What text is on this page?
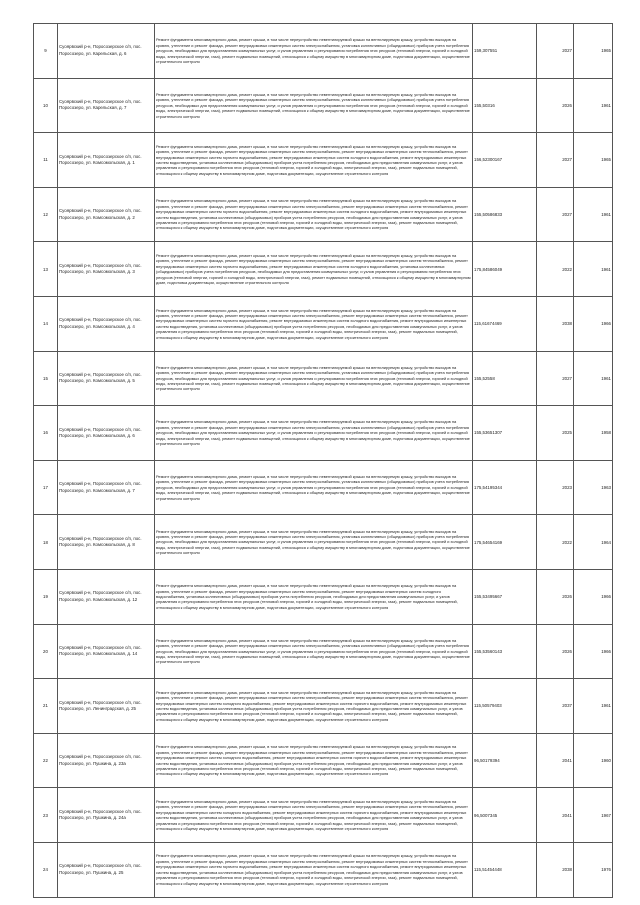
9	Суоярвский р-н, Поросозерское с/п, пос. Поросозеро, ул. Карельская, д. 6	Ремонт фундамента многоквартирного дома, ремонт крыши, в том числе переустройство невентилируемой крыши на вентилируемую крышу, устройство выходов на кровлю, утепление и ремонт фасада, ремонт внутридомовых инженерных систем электроснабжения, установка коллективных (общедомовых) приборов учета потребления ресурсов, необходимых для предоставления коммунальных услуг, и узлов управления и регулирования потребления этих ресурсов (тепловой энергии, горячей и холодной воды, электрической энергии, газа), ремонт подвальных помещений, относящихся к общему имуществу в многоквартирном доме, подготовка документации, осуществление строительного контроля	159,307551	2027	1965
10	Суоярвский р-н, Поросозерское с/п, пос. Поросозеро, ул. Карельская, д. 7	Ремонт фундамента многоквартирного дома, ремонт крыши, в том числе переустройство невентилируемой крыши на вентилируемую крышу, устройство выходов на кровлю, утепление и ремонт фасада, ремонт внутридомовых инженерных систем электроснабжения, установка коллективных (общедомовых) приборов учета потребления ресурсов, необходимых для предоставления коммунальных услуг, и узлов управления и регулирования потребления этих ресурсов (тепловой энергии, горячей и холодной воды, электрической энергии, газа), ремонт подвальных помещений, относящихся к общему имуществу в многоквартирном доме, подготовка документации, осуществление строительного контроля	155,50316	2026	1961
11	Суоярвский р-н, Поросозерское с/п, пос. Поросозеро, ул. Комсомольская, д. 1	Ремонт фундамента многоквартирного дома, ремонт крыши, в том числе переустройство невентилируемой крыши на вентилируемую крышу, устройство выходов на кровлю, утепление и ремонт фасада, ремонт внутридомовых инженерных систем электроснабжения, ремонт внутридомовых инженерных систем теплоснабжения, ремонт внутридомовых инженерных систем горячего водоснабжения, ремонт внутридомовых инженерных систем холодного водоснабжения, ремонт внутридомовых инженерных систем водоотведения, установка коллективных (общедомовых) приборов учета потребления ресурсов, необходимых для предоставления коммунальных услуг, и узлов управления и регулирования потребления этих ресурсов (тепловой энергии, горячей и холодной воды, электрической энергии, газа), ремонт подвальных помещений, относящихся к общему имуществу в многоквартирном доме, подготовка документации, осуществление строительного контроля	156,52300167	2027	1965
12	Суоярвский р-н, Поросозерское с/п, пос. Поросозеро, ул. Комсомольская, д. 2	Ремонт фундамента многоквартирного дома, ремонт крыши, в том числе переустройство невентилируемой крыши на вентилируемую крышу, устройство выходов на кровлю, утепление и ремонт фасада, ремонт внутридомовых инженерных систем электроснабжения, ремонт внутридомовых инженерных систем теплоснабжения, ремонт внутридомовых инженерных систем горячего водоснабжения, ремонт внутридомовых инженерных систем холодного водоснабжения, ремонт внутридомовых инженерных систем водоотведения, установка коллективных (общедомовых) приборов учета потребления ресурсов, необходимых для предоставления коммунальных услуг, и узлов управления и регулирования потребления этих ресурсов (тепловой энергии, горячей и холодной воды, электрической энергии, газа), ремонт подвальных помещений, относящихся к общему имуществу в многоквартирном доме, подготовка документации, осуществление строительного контроля	155,50586833	2027	1961
13	Суоярвский р-н, Поросозерское с/п, пос. Поросозеро, ул. Комсомольская, д. 3	Ремонт фундамента многоквартирного дома, ремонт крыши, в том числе переустройство невентилируемой крыши на вентилируемую крышу, устройство выходов на кровлю, утепление и ремонт фасада, ремонт внутридомовых инженерных систем электроснабжения, ремонт внутридомовых инженерных систем теплоснабжения, ремонт внутридомовых инженерных систем горячего водоснабжения, ремонт внутридомовых инженерных систем холодного водоснабжения, установка коллективных (общедомовых) приборов учета потребления ресурсов, необходимых для предоставления коммунальных услуг, и узлов управления и регулирования потребления этих ресурсов (тепловой энергии, горячей и холодной воды, электрической энергии, газа), ремонт подвальных помещений, относящихся к общему имуществу в многоквартирном доме, подготовка документации, осуществление строительного контроля	175,84586049	2022	1961
14	Суоярвский р-н, Поросозерское с/п, пос. Поросозеро, ул. Комсомольская, д. 4	Ремонт фундамента многоквартирного дома, ремонт крыши, в том числе переустройство невентилируемой крыши на вентилируемую крышу, устройство выходов на кровлю, утепление и ремонт фасада, ремонт внутридомовых инженерных систем электроснабжения, ремонт внутридомовых инженерных систем теплоснабжения, ремонт внутридомовых инженерных систем горячего водоснабжения, ремонт внутридомовых инженерных систем холодного водоснабжения, ремонт внутридомовых инженерных систем водоотведения, установка коллективных (общедомовых) приборов учета потребления ресурсов, необходимых для предоставления коммунальных услуг, и узлов управления и регулирования потребления этих ресурсов (тепловой энергии, горячей и холодной воды, электрической энергии, газа), ремонт подвальных помещений, относящихся к общему имуществу в многоквартирном доме, подготовка документации, осуществление строительного контроля	115,61674469	2038	1966
15	Суоярвский р-н, Поросозерское с/п, пос. Поросозеро, ул. Комсомольская, д. 5	Ремонт фундамента многоквартирного дома, ремонт крыши, в том числе переустройство невентилируемой крыши на вентилируемую крышу, устройство выходов на кровлю, утепление и ремонт фасада, ремонт внутридомовых инженерных систем электроснабжения, установка коллективных (общедомовых) приборов учета потребления ресурсов, необходимых для предоставления коммунальных услуг, и узлов управления и регулирования потребления этих ресурсов (тепловой энергии, горячей и холодной воды, электрической энергии, газа), ремонт подвальных помещений, относящихся к общему имуществу в многоквартирном доме, подготовка документации, осуществление строительного контроля	155,52558	2027	1961
16	Суоярвский р-н, Поросозерское с/п, пос. Поросозеро, ул. Комсомольская, д. 6	Ремонт фундамента многоквартирного дома, ремонт крыши, в том числе переустройство невентилируемой крыши на вентилируемую крышу, устройство выходов на кровлю, утепление и ремонт фасада, ремонт внутридомовых инженерных систем электроснабжения, установка коллективных (общедомовых) приборов учета потребления ресурсов, необходимых для предоставления коммунальных услуг, и узлов управления и регулирования потребления этих ресурсов (тепловой энергии, горячей и холодной воды, электрической энергии, газа), ремонт подвальных помещений, относящихся к общему имуществу в многоквартирном доме, подготовка документации, осуществление строительного контроля	155,53651307	2025	1958
17	Суоярвский р-н, Поросозерское с/п, пос. Поросозеро, ул. Комсомольская, д. 7	Ремонт фундамента многоквартирного дома, ремонт крыши, в том числе переустройство невентилируемой крыши на вентилируемую крышу, устройство выходов на кровлю, утепление и ремонт фасада, ремонт внутридомовых инженерных систем электроснабжения, установка коллективных (общедомовых) приборов учета потребления ресурсов, необходимых для предоставления коммунальных услуг, и узлов управления и регулирования потребления этих ресурсов (тепловой энергии, горячей и холодной воды, электрической энергии, газа), ремонт подвальных помещений, относящихся к общему имуществу в многоквартирном доме, подготовка документации, осуществление строительного контроля	175,54195344	2023	1963
18	Суоярвский р-н, Поросозерское с/п, пос. Поросозеро, ул. Комсомольская, д. 8	Ремонт фундамента многоквартирного дома, ремонт крыши, в том числе переустройство невентилируемой крыши на вентилируемую крышу, устройство выходов на кровлю, утепление и ремонт фасада, ремонт внутридомовых инженерных систем электроснабжения, установка коллективных (общедомовых) приборов учета потребления ресурсов, необходимых для предоставления коммунальных услуг, и узлов управления и регулирования потребления этих ресурсов (тепловой энергии, горячей и холодной воды, электрической энергии, газа), ремонт подвальных помещений, относящихся к общему имуществу в многоквартирном доме, подготовка документации, осуществление строительного контроля	175,54654169	2022	1964
19	Суоярвский р-н, Поросозерское с/п, пос. Поросозеро, ул. Комсомольская, д. 12	Ремонт фундамента многоквартирного дома, ремонт крыши, в том числе переустройство невентилируемой крыши на вентилируемую крышу, устройство выходов на кровлю, утепление и ремонт фасада, ремонт внутридомовых инженерных систем электроснабжения, ремонт внутридомовых инженерных систем холодного водоснабжения, установка коллективных (общедомовых) приборов учета потребления ресурсов, необходимых для предоставления коммунальных услуг, и узлов управления и регулирования потребления этих ресурсов (тепловой энергии, горячей и холодной воды, электрической энергии, газа), ремонт подвальных помещений, относящихся к общему имуществу в многоквартирном доме, подготовка документации, осуществление строительного контроля	155,53495667	2026	1966
20	Суоярвский р-н, Поросозерское с/п, пос. Поросозеро, ул. Комсомольская, д. 14	Ремонт фундамента многоквартирного дома, ремонт крыши, в том числе переустройство невентилируемой крыши на вентилируемую крышу, устройство выходов на кровлю, утепление и ремонт фасада, ремонт внутридомовых инженерных систем электроснабжения, установка коллективных (общедомовых) приборов учета потребления ресурсов, необходимых для предоставления коммунальных услуг, и узлов управления и регулирования потребления этих ресурсов (тепловой энергии, горячей и холодной воды, электрической энергии, газа), ремонт подвальных помещений, относящихся к общему имуществу в многоквартирном доме, подготовка документации, осуществление строительного контроля	155,53560143	2026	1966
21	Суоярвский р-н, Поросозерское с/п, пос. Поросозеро, ул. Ленинградская, д. 25	Ремонт фундамента многоквартирного дома, ремонт крыши, в том числе переустройство невентилируемой крыши на вентилируемую крышу, устройство выходов на кровлю, утепление и ремонт фасада, ремонт внутридомовых инженерных систем электроснабжения, ремонт внутридомовых инженерных систем теплоснабжения, ремонт внутридомовых инженерных систем холодного водоснабжения, ремонт внутридомовых инженерных систем горячего водоснабжения, ремонт внутридомовых инженерных систем водоотведения, установка коллективных (общедомовых) приборов учета потребления ресурсов, необходимых для предоставления коммунальных услуг, и узлов управления и регулирования потребления этих ресурсов (тепловой энергии, горячей и холодной воды, электрической энергии, газа), ремонт подвальных помещений, относящихся к общему имуществу в многоквартирном доме, подготовка документации, осуществление строительного контроля	115,50579403	2037	1961
22	Суоярвский р-н, Поросозерское с/п, пос. Поросозеро, ул. Пушкина, д. 23а	Ремонт фундамента многоквартирного дома, ремонт крыши, в том числе переустройство невентилируемой крыши на вентилируемую крышу, устройство выходов на кровлю, утепление и ремонт фасада, ремонт внутридомовых инженерных систем электроснабжения, ремонт внутридомовых инженерных систем теплоснабжения, ремонт внутридомовых инженерных систем холодного водоснабжения, ремонт внутридомовых инженерных систем горячего водоснабжения, ремонт внутридомовых инженерных систем водоотведения, установка коллективных (общедомовых) приборов учета потребления ресурсов, необходимых для предоставления коммунальных услуг, и узлов управления и регулирования потребления этих ресурсов (тепловой энергии, горячей и холодной воды, электрической энергии, газа), ремонт подвальных помещений, относящихся к общему имуществу в многоквартирном доме, подготовка документации, осуществление строительного контроля	96,50179394	2041	1960
23	Суоярвский р-н, Поросозерское с/п, пос. Поросозеро, ул. Пушкина, д. 24а	Ремонт фундамента многоквартирного дома, ремонт крыши, в том числе переустройство невентилируемой крыши на вентилируемую крышу, устройство выходов на кровлю, утепление и ремонт фасада, ремонт внутридомовых инженерных систем электроснабжения, ремонт внутридомовых инженерных систем теплоснабжения, ремонт внутридомовых инженерных систем холодного водоснабжения, ремонт внутридомовых инженерных систем горячего водоснабжения, ремонт внутридомовых инженерных систем водоотведения, установка коллективных (общедомовых) приборов учета потребления ресурсов, необходимых для предоставления коммунальных услуг, и узлов управления и регулирования потребления этих ресурсов (тепловой энергии, горячей и холодной воды, электрической энергии, газа), ремонт подвальных помещений, относящихся к общему имуществу в многоквартирном доме, подготовка документации, осуществление строительного контроля	96,5007345	2041	1967
24	Суоярвский р-н, Поросозерское с/п, пос. Поросозеро, ул. Пушкина, д. 25	Ремонт фундамента многоквартирного дома, ремонт крыши, в том числе переустройство невентилируемой крыши на вентилируемую крышу, устройство выходов на кровлю, утепление и ремонт фасада, ремонт внутридомовых инженерных систем электроснабжения, ремонт внутридомовых инженерных систем теплоснабжения, ремонт внутридомовых инженерных систем горячего водоснабжения, ремонт внутридомовых инженерных систем холодного водоснабжения, ремонт внутридомовых инженерных систем водоотведения, установка коллективных (общедомовых) приборов учета потребления ресурсов, необходимых для предоставления коммунальных услуг, и узлов управления и регулирования потребления этих ресурсов (тепловой энергии, горячей и холодной воды, электрической энергии, газа), ремонт подвальных помещений, относящихся к общему имуществу в многоквартирном доме, подготовка документации, осуществление строительного контроля	115,51454448	2038	1976
